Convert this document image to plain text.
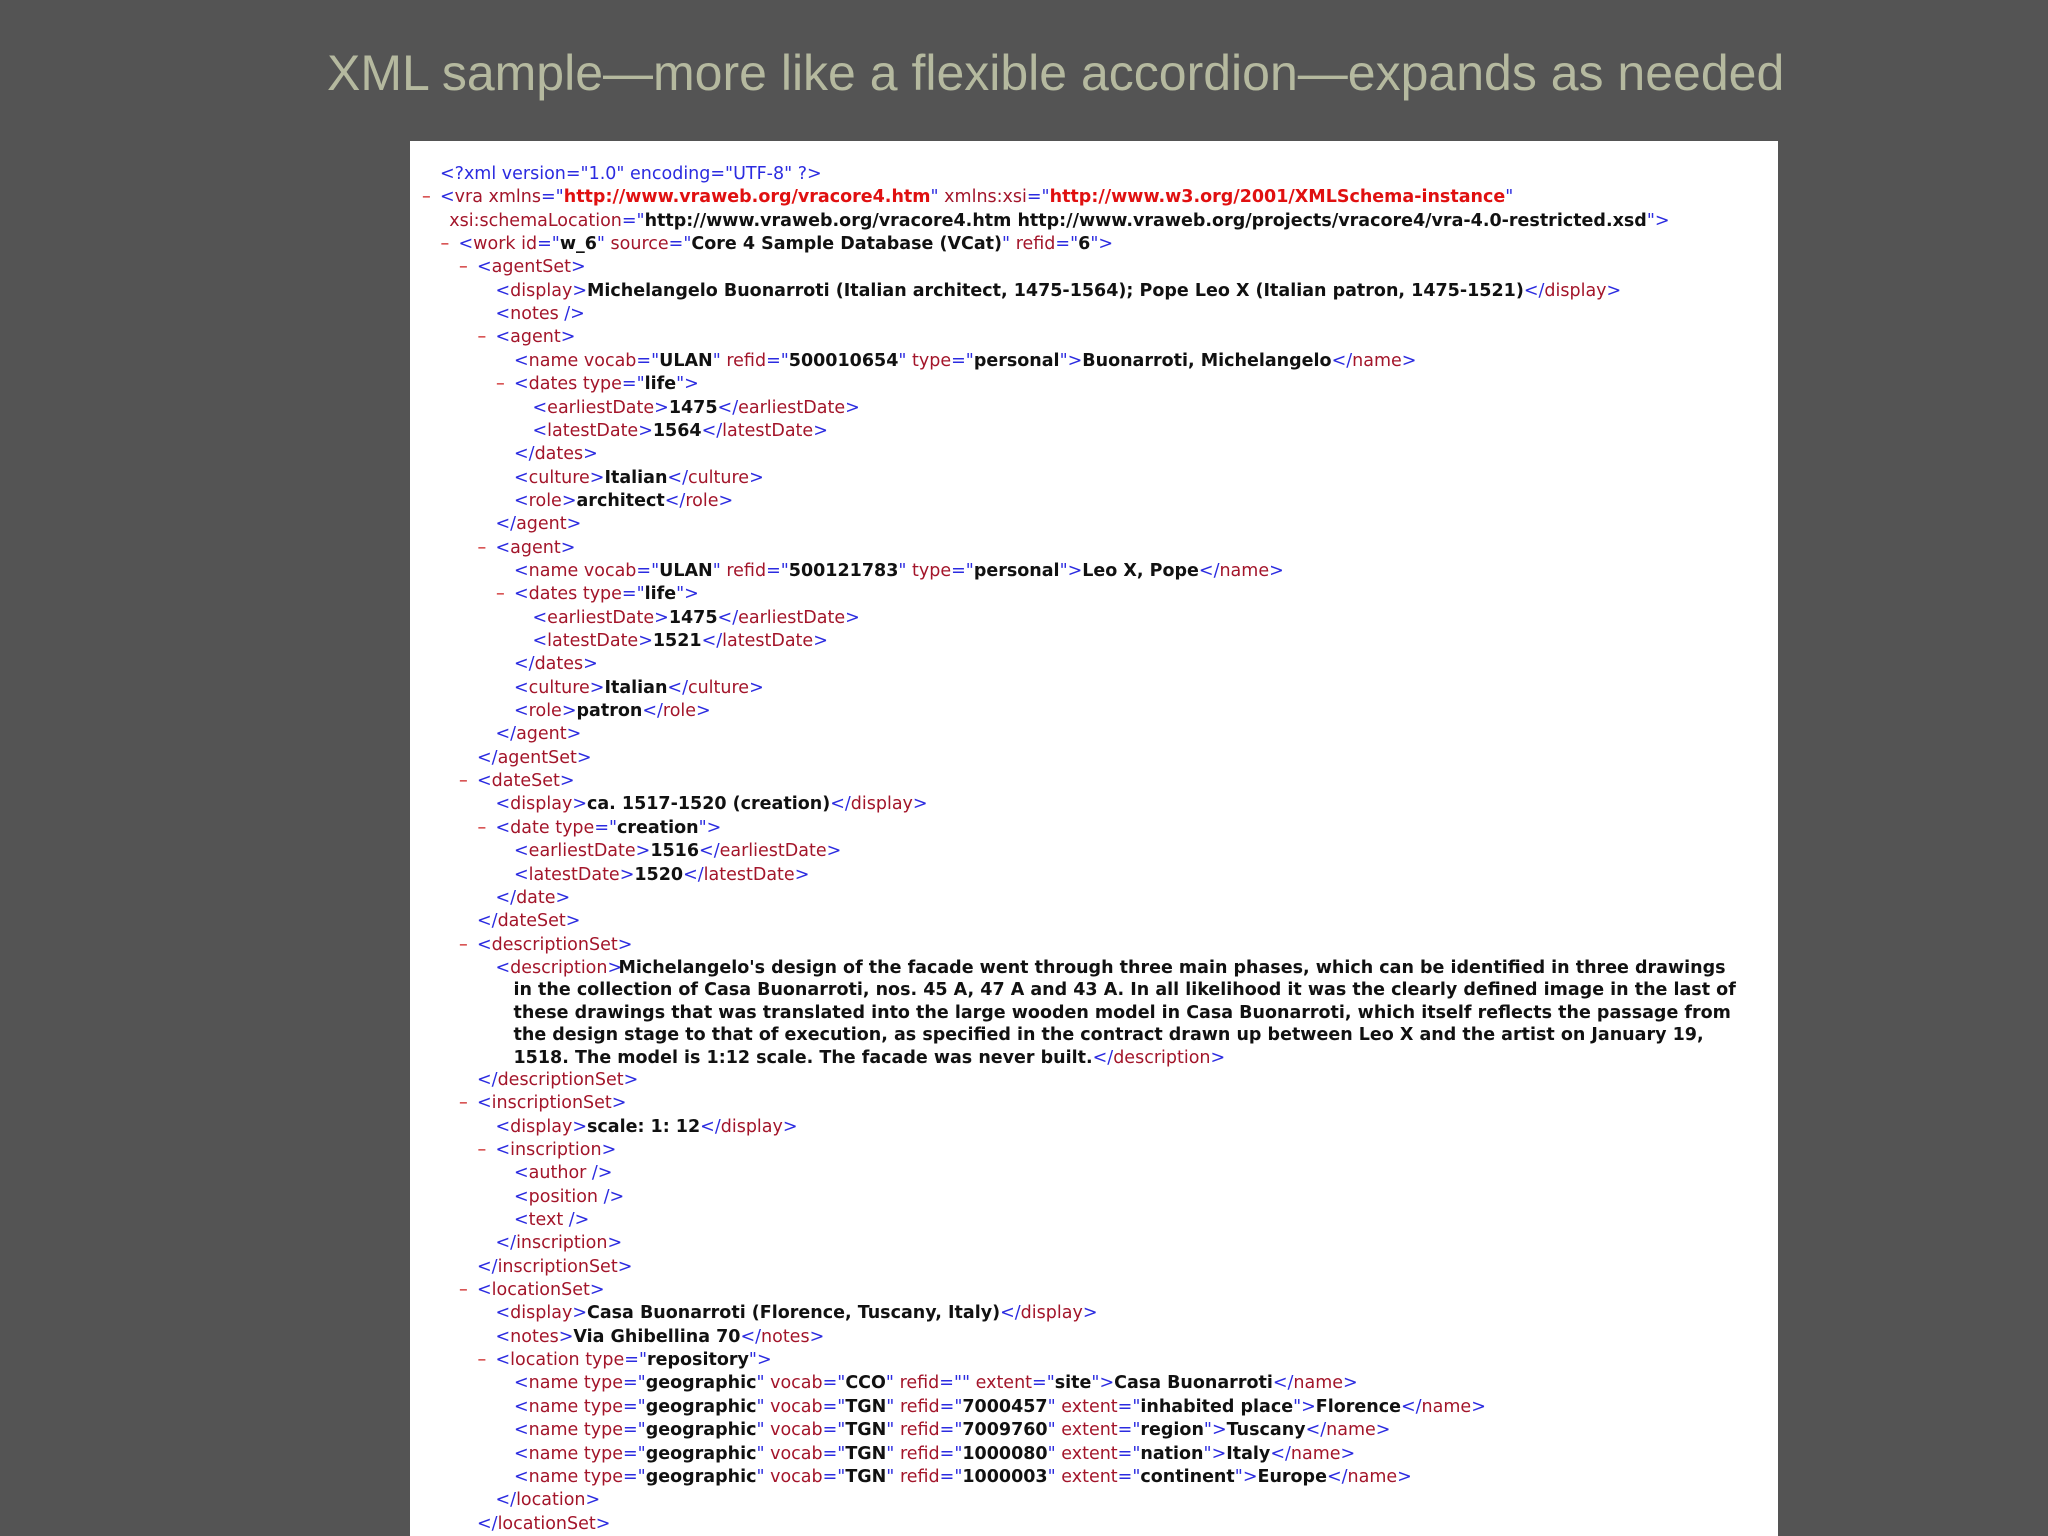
XML sample—more like a flexible accordion—expands as needed
<?xml version="1.0" encoding="UTF-8" ?>
– <vra xmlns="http://www.vraweb.org/vracore4.htm" xmlns:xsi="http://www.w3.org/2001/XMLSchema-instance"
xsi:schemaLocation="http://www.vraweb.org/vracore4.htm http://www.vraweb.org/projects/vracore4/vra-4.0-restricted.xsd">
– <work id="w_6" source="Core 4 Sample Database (VCat)" refid="6">
– <agentSet>
<display>Michelangelo Buonarroti (Italian architect, 1475-1564); Pope Leo X (Italian patron, 1475-1521)</display>
<notes />
– <agent>
<name vocab="ULAN" refid="500010654" type="personal">Buonarroti, Michelangelo</name>
– <dates type="life">
<earliestDate>1475</earliestDate>
<latestDate>1564</latestDate>
</dates>
<culture>Italian</culture>
<role>architect</role>
</agent>
– <agent>
<name vocab="ULAN" refid="500121783" type="personal">Leo X, Pope</name>
– <dates type="life">
<earliestDate>1475</earliestDate>
<latestDate>1521</latestDate>
</dates>
<culture>Italian</culture>
<role>patron</role>
</agent>
</agentSet>
– <dateSet>
<display>ca. 1517-1520 (creation)</display>
– <date type="creation">
<earliestDate>1516</earliestDate>
<latestDate>1520</latestDate>
</date>
</dateSet>
– <descriptionSet>
<description>
Michelangelo's design of the facade went through three main phases, which can be identified in three drawings in the collection of Casa Buonarroti, nos. 45 A, 47 A and 43 A. In all likelihood it was the clearly defined image in the last of these drawings that was translated into the large wooden model in Casa Buonarroti, which itself reflects the passage from the design stage to that of execution, as specified in the contract drawn up between Leo X and the artist on January 19, 1518. The model is 1:12 scale. The facade was never built.</description>
</descriptionSet>
– <inscriptionSet>
<display>scale: 1: 12</display>
– <inscription>
<author />
<position />
<text />
</inscription>
</inscriptionSet>
– <locationSet>
<display>Casa Buonarroti (Florence, Tuscany, Italy)</display>
<notes>Via Ghibellina 70</notes>
– <location type="repository">
<name type="geographic" vocab="CCO" refid="" extent="site">Casa Buonarroti</name>
<name type="geographic" vocab="TGN" refid="7000457" extent="inhabited place">Florence</name>
<name type="geographic" vocab="TGN" refid="7009760" extent="region">Tuscany</name>
<name type="geographic" vocab="TGN" refid="1000080" extent="nation">Italy</name>
<name type="geographic" vocab="TGN" refid="1000003" extent="continent">Europe</name>
</location>
</locationSet>
